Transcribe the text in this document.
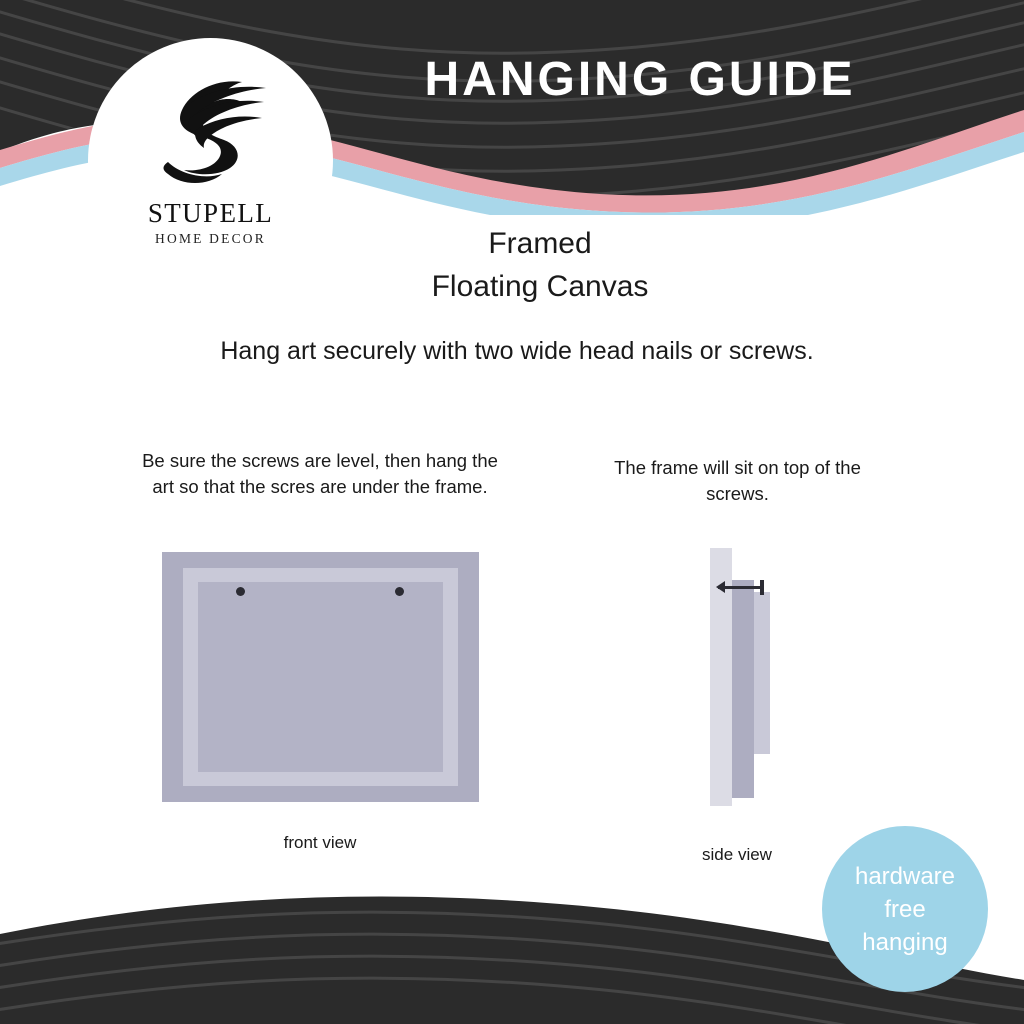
STUPELL
HOME DECOR
HANGING GUIDE
Framed
Floating Canvas
Hang art securely with two wide head nails or screws.
Be sure the screws are level, then hang the art so that the scres are under the frame.
front view
The frame will sit on top of the screws.
side view
hardware
free
hanging
